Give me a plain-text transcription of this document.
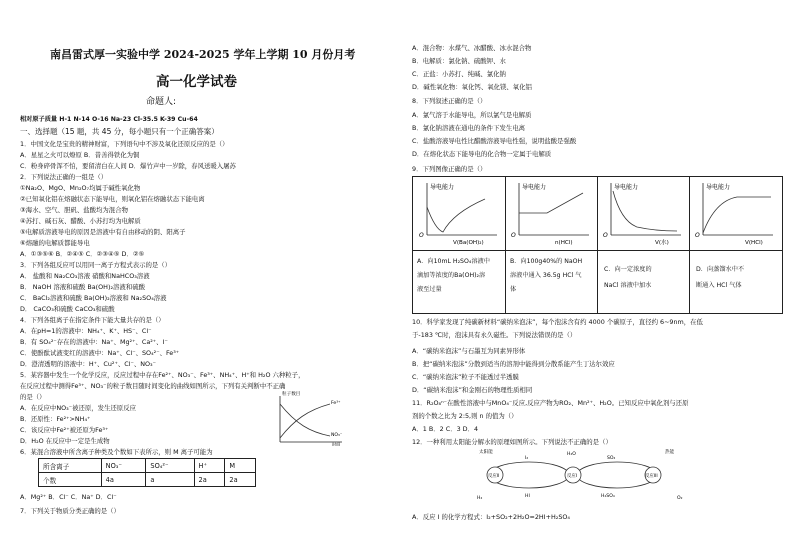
南昌雷式厚一实验中学 2024-2025 学年上学期 10 月份月考
高一化学试卷
命题人:
相对原子质量 H-1 N-14 O-16 Na-23 Cl-35.5 K-39 Cu-64
一、选择题（15 题，共 45 分，每小题只有一个正确答案）
1．中国文化是宝贵的精神财富，下列语句中不涉及氧化还原反应的是（）
A．星星之火可以燎原 B．昔善得铁化为铜
C．粉身碎骨浑不怕，要留清白在人间 D．爆竹声中一岁除，春风送暖入屠苏
2．下列说法正确的一组是（）
①Na₂O、MgO、Mn₂O₇均属于碱性氧化物
②已知氧化铝在熔融状态下能导电，则氧化铝在熔融状态下能电离
③海水、空气、胆矾、盐酸均为混合物
④苏打、碱石灰、醋酸、小苏打均为电解质
⑤电解质溶液导电的原因是溶液中有自由移动的阴、阳离子
⑥熔融的电解质都能导电
A．①③⑤⑥ B．②④⑤ C．②③④⑤ D．②⑤
3．下列各组反应可以用同一离子方程式表示的是（）
A． 盐酸和 Na₂CO₃溶液 硝酸和NaHCO₃溶液
B． NaOH 溶液和硫酸 Ba(OH)₂溶液和硫酸
C． BaCl₂溶液和硫酸 Ba(OH)₂溶液和 Na₂SO₄溶液
D． CaCO₃和硫酸 CaCO₃和硫酸
4．下列各组离子在指定条件下能大量共存的是（）
A．在pH=1的溶液中：NH₄⁺、K⁺、HS⁻、Cl⁻
B．有 SO₄²⁻存在的溶液中：Na⁺、Mg²⁺、Ca²⁺、I⁻
C．使酚酞试液变红的溶液中：Na⁺、Cl⁻、SO₄²⁻、Fe³⁺
D．澄清透明的溶液中：H⁺、Cu²⁺、Cl⁻、NO₃⁻
5．某容器中发生一个化学反应，反应过程中存在Fe²⁺、NO₃⁻、Fe³⁺、NH₄⁺、H⁺和 H₂O 六种粒子，
在反应过程中测得Fe³⁺、NO₃⁻的粒子数目随时间变化的曲线如图所示，下列有关判断中不正确
的是（）
A．在反应中NO₃⁻被还原，发生还原反应
B．还原性：Fe²⁺>NH₄⁺
C．该反应中Fe²⁺被还原为Fe³⁺
D．H₂O 在反应中一定是生成物
6．某混合溶液中所含离子种类及个数如下表所示，则 M 离子可能为
粒子数目
Fe³⁺
NO₃⁻
时间
所含离子	NO₃⁻	SO₄²⁻	H⁺	M
个数	4a	a	2a	2a
A．Mg²⁺ B．Cl⁻ C．Na⁺ D．Cl⁻
7．下列关于物质分类正确的是（）
A．混合物：水煤气、冰醋酸、冰水混合物
B．电解质：氯化钠、硫酸钾、水
C．正盐：小苏打、纯碱、氯化钠
D．碱性氧化物：氧化钙、氧化镁、氧化铝
8．下列叙述正确的是（）
A．氯气溶于水能导电，所以氯气是电解质
B．氯化钠溶液在通电的条件下发生电离
C．盐酸溶液导电性比醋酸溶液导电性强，说明盐酸是强酸
D．在熔化状态下能导电的化合物一定属于电解质
9．下列图像正确的是（）
导电能力
O
V(Ba(OH)₂)
导电能力
O
n(HCl)
导电能力
O
V(水)
导电能力
O
V(HCl)
A．向10mL H₂SO₄溶液中
滴加等浓度的Ba(OH)₂溶
液至过量
B．向100g40%的 NaOH
溶液中通入 36.5g HCl 气
体
C．向一定浓度的
NaCl 溶液中加水
D．向蒸馏水中不
断通入 HCl 气体
10．科学家发现了纯碳新材料“碳纳米泡沫”，每个泡沫含有约 4000 个碳原子，直径约 6~9nm，在低
于-183 ℃时，泡沫具有永久磁性。下列说法错误的是（）
A．“碳纳米泡沫”与石墨互为同素异形体
B．把“碳纳米泡沫”分散到适当的溶剂中能得到分散系能产生丁达尔效应
C．“碳纳米泡沫”粒子不能透过半透膜
D．“碳纳米泡沫”和金刚石的物理性质相同
11．R₂O₈ⁿ⁻在酸性溶液中与MnO₄⁻反应,反应产物为RO₂、Mn²⁺、H₂O。已知反应中氧化剂与还原
剂的个数之比为 2:5,则 n 的值为（）
A．1 B．2 C．3 D．4
12．一种利用太阳能分解水的原理如图所示。下列说法不正确的是（）
反应II	反应I	反应III
太阳能	热能
I₂
HI
SO₂
H₂SO₄
H₂O
H₂	O₂
A．反应 I 的化学方程式：I₂+SO₂+2H₂O=2HI+H₂SO₄
